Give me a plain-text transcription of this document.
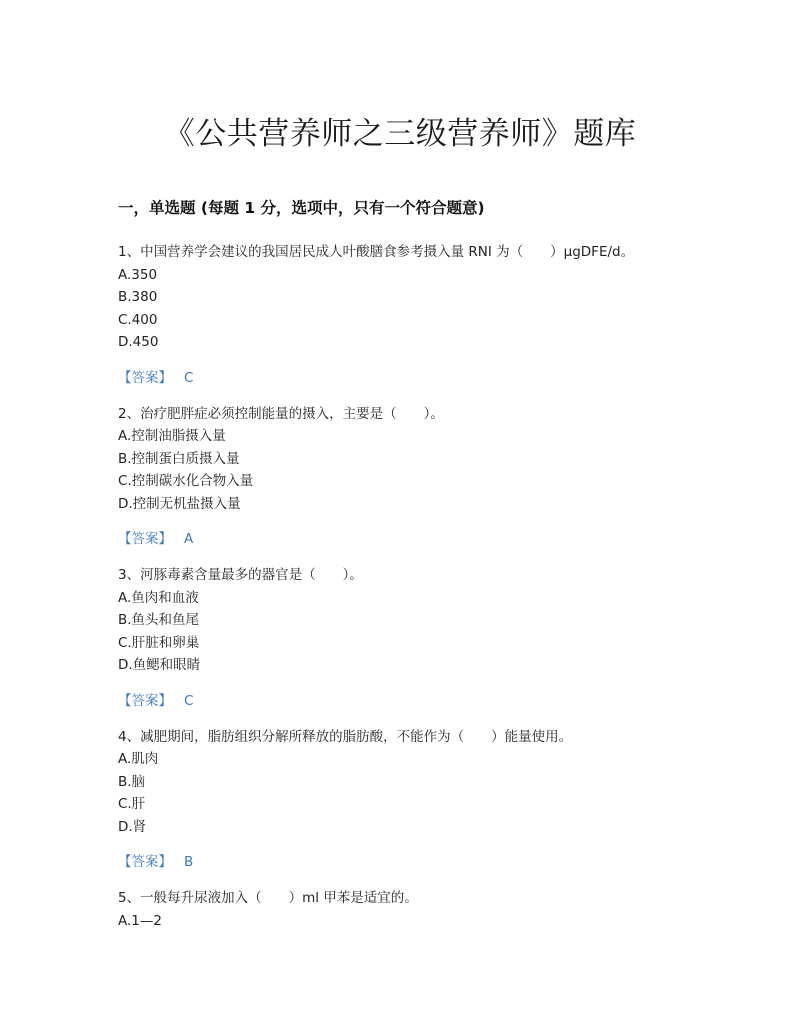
《公共营养师之三级营养师》题库
一，单选题 (每题 1 分，选项中，只有一个符合题意)
1、中国营养学会建议的我国居民成人叶酸膳食参考摄入量 RNI 为（　　）μgDFE/d。
A.350
B.380
C.400
D.450
【答案】 C
2、治疗肥胖症必须控制能量的摄入，主要是（　　）。
A.控制油脂摄入量
B.控制蛋白质摄入量
C.控制碳水化合物入量
D.控制无机盐摄入量
【答案】 A
3、河豚毒素含量最多的器官是（　　）。
A.鱼肉和血液
B.鱼头和鱼尾
C.肝脏和卵巢
D.鱼鳃和眼睛
【答案】 C
4、减肥期间，脂肪组织分解所释放的脂肪酸，不能作为（　　）能量使用。
A.肌肉
B.脑
C.肝
D.肾
【答案】 B
5、一般每升尿液加入（　　）ml 甲苯是适宜的。
A.1—2
